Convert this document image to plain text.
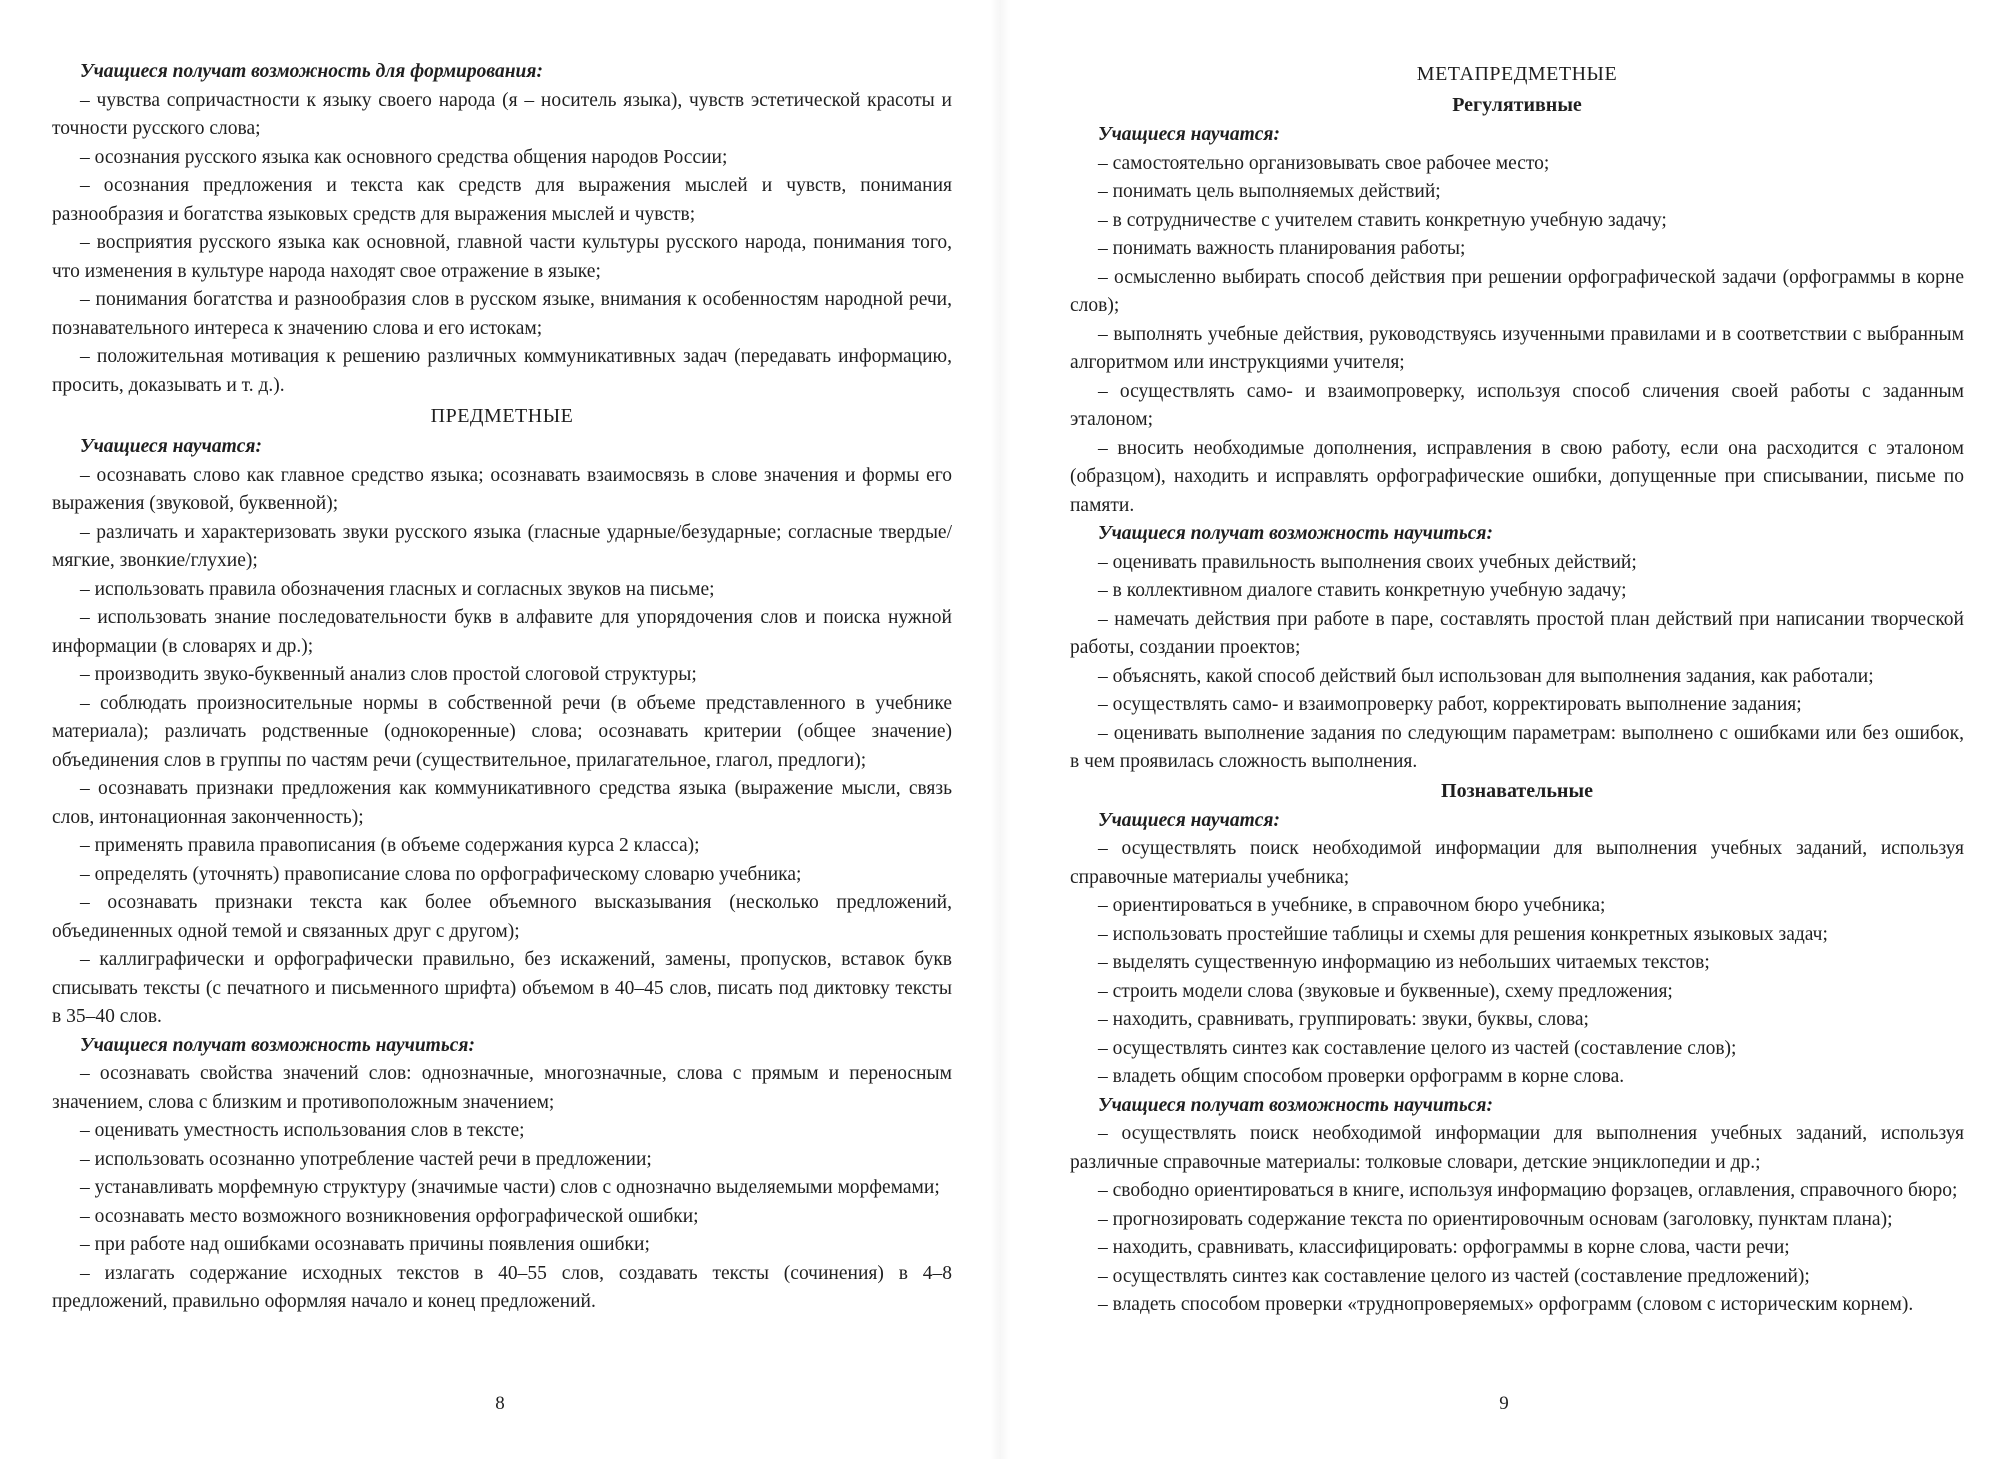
Учащиеся получат возможность для формирования:

– чувства сопричастности к языку своего народа (я – носитель языка), чувств эстетической красоты и точности русского слова;

– осознания русского языка как основного средства общения народов России;

– осознания предложения и текста как средств для выражения мыслей и чувств, понимания разнообразия и богатства языковых средств для выражения мыслей и чувств;

– восприятия русского языка как основной, главной части культуры русского народа, понимания того, что изменения в культуре народа находят свое отражение в языке;

– понимания богатства и разнообразия слов в русском языке, внимания к особенностям народной речи, познавательного интереса к значению слова и его истокам;

– положительная мотивация к решению различных коммуникативных задач (передавать информацию, просить, доказывать и т. д.).

ПРЕДМЕТНЫЕ

Учащиеся научатся:

– осознавать слово как главное средство языка; осознавать взаимосвязь в слове значения и формы его выражения (звуковой, буквенной);

– различать и характеризовать звуки русского языка (гласные ударные/безударные; согласные твердые/мягкие, звонкие/глухие);

– использовать правила обозначения гласных и согласных звуков на письме;

– использовать знание последовательности букв в алфавите для упорядочения слов и поиска нужной информации (в словарях и др.);

– производить звуко-буквенный анализ слов простой слоговой структуры;

– соблюдать произносительные нормы в собственной речи (в объеме представленного в учебнике материала); различать родственные (однокоренные) слова; осознавать критерии (общее значение) объединения слов в группы по частям речи (существительное, прилагательное, глагол, предлоги);

– осознавать признаки предложения как коммуникативного средства языка (выражение мысли, связь слов, интонационная законченность);

– применять правила правописания (в объеме содержания курса 2 класса);

– определять (уточнять) правописание слова по орфографическому словарю учебника;

– осознавать признаки текста как более объемного высказывания (несколько предложений, объединенных одной темой и связанных друг с другом);

– каллиграфически и орфографически правильно, без искажений, замены, пропусков, вставок букв списывать тексты (с печатного и письменного шрифта) объемом в 40–45 слов, писать под диктовку тексты в 35–40 слов.

Учащиеся получат возможность научиться:

– осознавать свойства значений слов: однозначные, многозначные, слова с прямым и переносным значением, слова с близким и противоположным значением;

– оценивать уместность использования слов в тексте;

– использовать осознанно употребление частей речи в предложении;

– устанавливать морфемную структуру (значимые части) слов с однозначно выделяемыми морфемами;

– осознавать место возможного возникновения орфографической ошибки;

– при работе над ошибками осознавать причины появления ошибки;

– излагать содержание исходных текстов в 40–55 слов, создавать тексты (сочинения) в 4–8 предложений, правильно оформляя начало и конец предложений.

8
МЕТАПРЕДМЕТНЫЕ
Регулятивные

Учащиеся научатся:

– самостоятельно организовывать свое рабочее место;

– понимать цель выполняемых действий;

– в сотрудничестве с учителем ставить конкретную учебную задачу;

– понимать важность планирования работы;

– осмысленно выбирать способ действия при решении орфографической задачи (орфограммы в корне слов);

– выполнять учебные действия, руководствуясь изученными правилами и в соответствии с выбранным алгоритмом или инструкциями учителя;

– осуществлять само- и взаимопроверку, используя способ сличения своей работы с заданным эталоном;

– вносить необходимые дополнения, исправления в свою работу, если она расходится с эталоном (образцом), находить и исправлять орфографические ошибки, допущенные при списывании, письме по памяти.

Учащиеся получат возможность научиться:

– оценивать правильность выполнения своих учебных действий;

– в коллективном диалоге ставить конкретную учебную задачу;

– намечать действия при работе в паре, составлять простой план действий при написании творческой работы, создании проектов;

– объяснять, какой способ действий был использован для выполнения задания, как работали;

– осуществлять само- и взаимопроверку работ, корректировать выполнение задания;

– оценивать выполнение задания по следующим параметрам: выполнено с ошибками или без ошибок, в чем проявилась сложность выполнения.

Познавательные

Учащиеся научатся:

– осуществлять поиск необходимой информации для выполнения учебных заданий, используя справочные материалы учебника;

– ориентироваться в учебнике, в справочном бюро учебника;

– использовать простейшие таблицы и схемы для решения конкретных языковых задач;

– выделять существенную информацию из небольших читаемых текстов;

– строить модели слова (звуковые и буквенные), схему предложения;

– находить, сравнивать, группировать: звуки, буквы, слова;

– осуществлять синтез как составление целого из частей (составление слов);

– владеть общим способом проверки орфограмм в корне слова.

Учащиеся получат возможность научиться:

– осуществлять поиск необходимой информации для выполнения учебных заданий, используя различные справочные материалы: толковые словари, детские энциклопедии и др.;

– свободно ориентироваться в книге, используя информацию форзацев, оглавления, справочного бюро;

– прогнозировать содержание текста по ориентировочным основам (заголовку, пунктам плана);

– находить, сравнивать, классифицировать: орфограммы в корне слова, части речи;

– осуществлять синтез как составление целого из частей (составление предложений);

– владеть способом проверки «труднопроверяемых» орфограмм (словом с историческим корнем).

9
